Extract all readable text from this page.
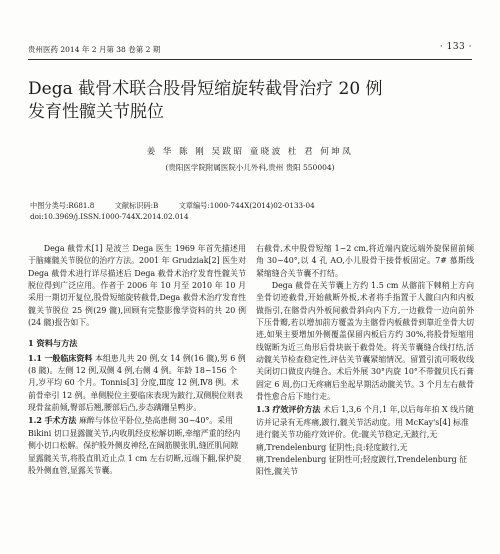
贵州医药 2014 年 2 月第 38 卷第 2 期	· 133 ·
Dega 截骨术联合股骨短缩旋转截骨治疗 20 例
发育性髋关节脱位
姜 华 陈 刚 吴跋昭 童晓波 杜 君 何坤凤
(贵阳医学院附属医院小儿外科,贵州 贵阳 550004)
中图分类号:R681.8	文献标识码:B	文章编号:1000-744X(2014)02-0133-04
doi:10.3969/j.ISSN.1000-744X.2014.02.014

Dega 截骨术[1] 是波兰 Dega 医生 1969 年首先描述用于脑瘫髋关节脱位的治疗方法。2001 年 Grudziak[2] 医生对 Dega 截骨术进行详尽描述后 Dega 截骨术治疗发育性髋关节脱位得到广泛应用。作者于 2006 年 10 月至 2010 年 10 月采用一期切开复位,股骨短缩旋转截骨,Dega 截骨术治疗发育性髋关节脱位 25 例(29 髋),回顾有完整影像学资料的共 20 例(24 髋)报告如下。

1 资料与方法

1.1 一般临床资料 本组患儿共 20 例,女 14 例(16 髋),男 6 例(8 髋)。左侧 12 例,双侧 4 例,右侧 4 例。年龄 18~156 个月,岁平均 60 个月。Tonnis[3] 分度,Ⅲ度 12 例,Ⅳ8 例。术前骨牵引 12 例。单侧脱位主要临床表现为跛行,双侧脱位则表现骨盆前倾,臀部后翘,腰部后凸,步态蹒跚呈鸭步。

1.2 手术方法 麻醉与体位平卧位,垫高患侧 30~40°。采用 Bikini 切口显露髋关节,内收肌经皮松解切断,牵缩严重的经内侧小切口松解。保护股外侧皮神经,在阔筋膜张肌,缝匠肌间隙显露髋关节,将股直肌近止点 1 cm 左右切断,远端下翻,保护旋股外侧血管,显露关节囊。

右截骨,术中股骨短缩 1~2 cm,将近端内旋远端外旋保留前倾角 30~40°,以 4 孔 AO,小儿股骨干接骨板固定。7# 慕斯线紧缩缝合关节囊不打结。

Dega 截骨在关节囊上方约 1.5 cm 从髂前下棘稍上方向坐骨切迹截骨,开始截断外板,术者将手指置于人髋臼内和内板做指引,在髂骨内外板间截骨斜向内下方,一边截骨一边向前外下压骨瓣,若以增加前方覆盖为主髂骨内板截骨到靠近坐骨大切迹,如果主要增加外侧覆盖保留内板后方约 30%,将股骨短缩用线锯断为近三角形后骨块嵌于截骨处。将关节囊缝合线打结,活动髋关节检查稳定性,评估关节囊紧缩情况。留置引流可吸收线关闭切口做皮内缝合。术后外展 30°内旋 10°不带髋贝氏石膏固定 6 周,伤口无疼痛后坐起早期活动髋关节。3 个月左右截骨骨性愈合后下地行走。

1.3 疗效评价方法 术后 1,3,6 个月,1 年,以后每年拍 X 线片随访并记录有无疼痛,跛行,髋关节活动度。用 McKay's[4] 标准进行髋关节功能疗效评价。优:髋关节稳定,无跛行,无痛,Trendelenburg 征阴性;良:轻度跛行,无痛,Trendelenburg 征阴性可;轻度跛行,Trendelenburg 征阳性,髋关节
